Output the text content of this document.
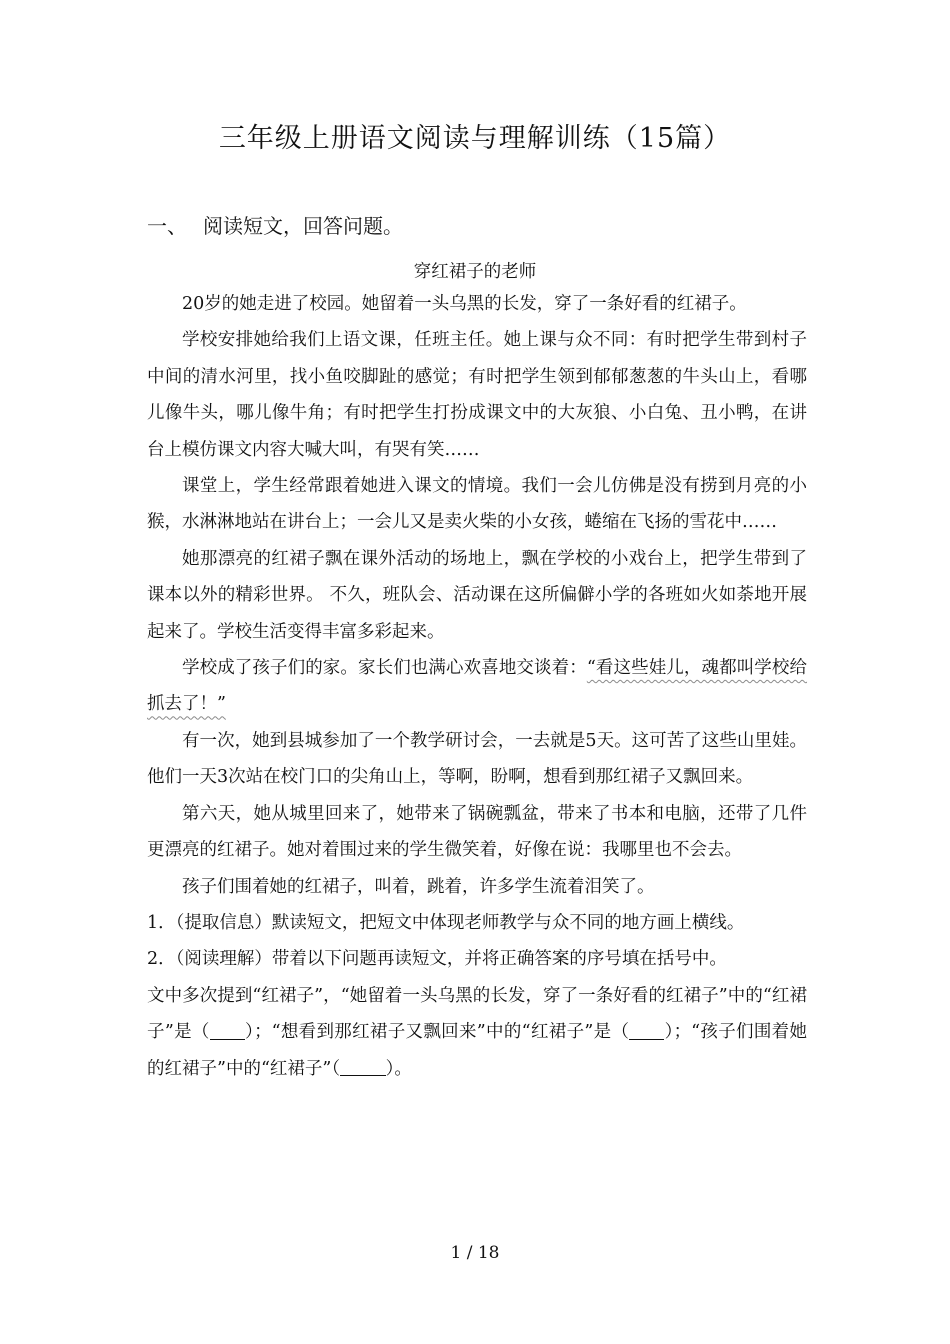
三年级上册语文阅读与理解训练（15篇）
一、 阅读短文，回答问题。
穿红裙子的老师

20岁的她走进了校园。她留着一头乌黑的长发，穿了一条好看的红裙子。

学校安排她给我们上语文课，任班主任。她上课与众不同：有时把学生带到村子中间的清水河里，找小鱼咬脚趾的感觉；有时把学生领到郁郁葱葱的牛头山上，看哪儿像牛头，哪儿像牛角；有时把学生打扮成课文中的大灰狼、小白兔、丑小鸭，在讲台上模仿课文内容大喊大叫，有哭有笑……

课堂上，学生经常跟着她进入课文的情境。我们一会儿仿佛是没有捞到月亮的小猴，水淋淋地站在讲台上；一会儿又是卖火柴的小女孩，蜷缩在飞扬的雪花中……

她那漂亮的红裙子飘在课外活动的场地上，飘在学校的小戏台上，把学生带到了课本以外的精彩世界。 不久，班队会、活动课在这所偏僻小学的各班如火如荼地开展起来了。学校生活变得丰富多彩起来。

学校成了孩子们的家。家长们也满心欢喜地交谈着：“看这些娃儿，魂都叫学校给抓去了！”

有一次，她到县城参加了一个教学研讨会，一去就是5天。这可苦了这些山里娃。他们一天3次站在校门口的尖角山上，等啊，盼啊，想看到那红裙子又飘回来。

第六天，她从城里回来了，她带来了锅碗瓢盆，带来了书本和电脑，还带了几件更漂亮的红裙子。她对着围过来的学生微笑着，好像在说：我哪里也不会去。

孩子们围着她的红裙子，叫着，跳着，许多学生流着泪笑了。

1．（提取信息）默读短文，把短文中体现老师教学与众不同的地方画上横线。

2．（阅读理解）带着以下问题再读短文，并将正确答案的序号填在括号中。

文中多次提到“红裙子”，“她留着一头乌黑的长发，穿了一条好看的红裙子”中的“红裙子”是（ ）；“想看到那红裙子又飘回来”中的“红裙子”是（ ）；“孩子们围着她的红裙子”中的“红裙子”（	）。

1 / 18
